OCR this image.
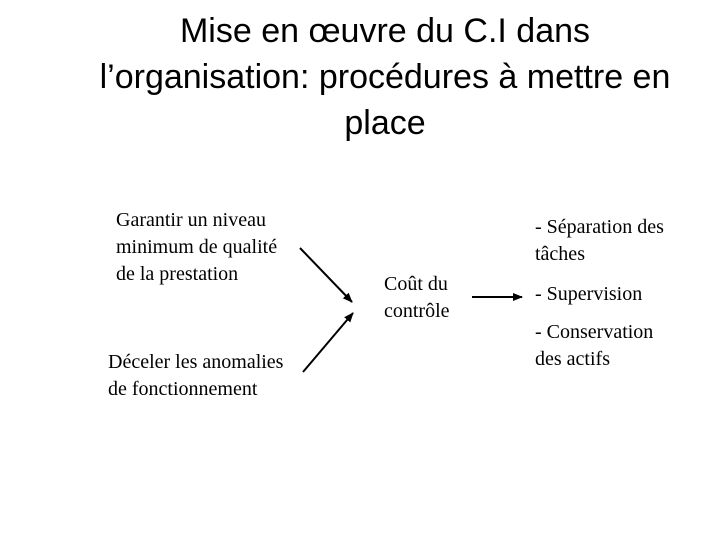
Mise en œuvre du C.I dans
l’organisation: procédures à mettre en
place
Garantir un niveau
minimum de qualité
de la prestation
Déceler les anomalies
de fonctionnement
Coût du
contrôle
- Séparation des
tâches
- Supervision
- Conservation
des actifs
